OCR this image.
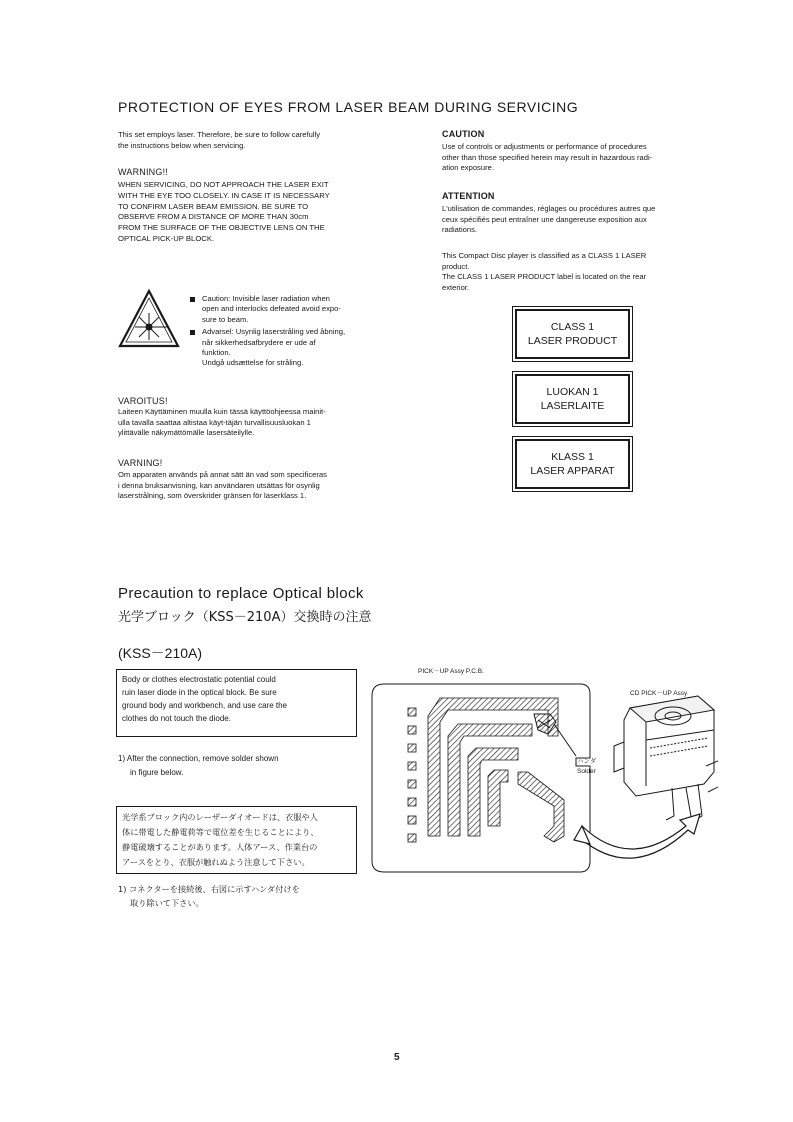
PROTECTION OF EYES FROM LASER BEAM DURING SERVICING
This set employs laser. Therefore, be sure to follow carefully
the instructions below when servicing.
WARNING!!
WHEN SERVICING, DO NOT APPROACH THE LASER EXIT
WITH THE EYE TOO CLOSELY. IN CASE IT IS NECESSARY
TO CONFIRM LASER BEAM EMISSION. BE SURE TO
OBSERVE FROM A DISTANCE OF MORE THAN 30cm
FROM THE SURFACE OF THE OBJECTIVE LENS ON THE
OPTICAL PICK-UP BLOCK.
Caution: Invisible laser radiation when
open and interlocks defeated avoid expo-
sure to beam.
Advarsel: Usynlig laserstråling ved åbning,
når sikkerhedsafbrydere er ude af
funktion.
Undgå udsættelse for stråling.
VAROITUS!
Laiteen Käyttäminen muulla kuin tässä käyttöohjeessa mainit-
ulla tavalla saattaa altistaa käyt-täjän turvallisuusluokan 1
ylittävälle näkymättömälle lasersäteilylle.
VARNING!
Om apparaten används på annat sätt än vad som specificeras
i denna bruksanvisning, kan användaren utsättas för osynlig
laserstrålning, som överskrider gränsen för laserklass 1.
CAUTION
Use of controls or adjustments or performance of procedures
other than those specified herein may result in hazardous radi-
ation exposure.
ATTENTION
L'utilisation de commandes, réglages ou procédures autres que
ceux spécifiés peut entraîner une dangereuse exposition aux
radiations.
This Compact Disc player is classified as a CLASS 1 LASER
product.
The CLASS 1 LASER PRODUCT label is located on the rear
exterior.
CLASS 1
LASER PRODUCT
LUOKAN 1
LASERLAITE
KLASS 1
LASER APPARAT
Precaution to replace Optical block
光学ブロック（KSS－210A）交換時の注意
(KSS－210A)
Body or clothes electrostatic potential could
ruin laser diode in the optical block. Be sure
ground body and workbench, and use care the
clothes do not touch the diode.
1) After the connection, remove solder shown
in figure below.
光学系ブロック内のレーザーダイオードは、衣服や人
体に帯電した静電荷等で電位差を生じることにより、
静電破壊することがあります。人体アース、作業台の
アースをとり、衣服が触れぬよう注意して下さい。
1) コネクターを接続後、右図に示すハンダ付けを
取り除いて下さい。
PICK－UP Assy P.C.B.
CD PICK－UP Assy
ハンダ
Solder
5
